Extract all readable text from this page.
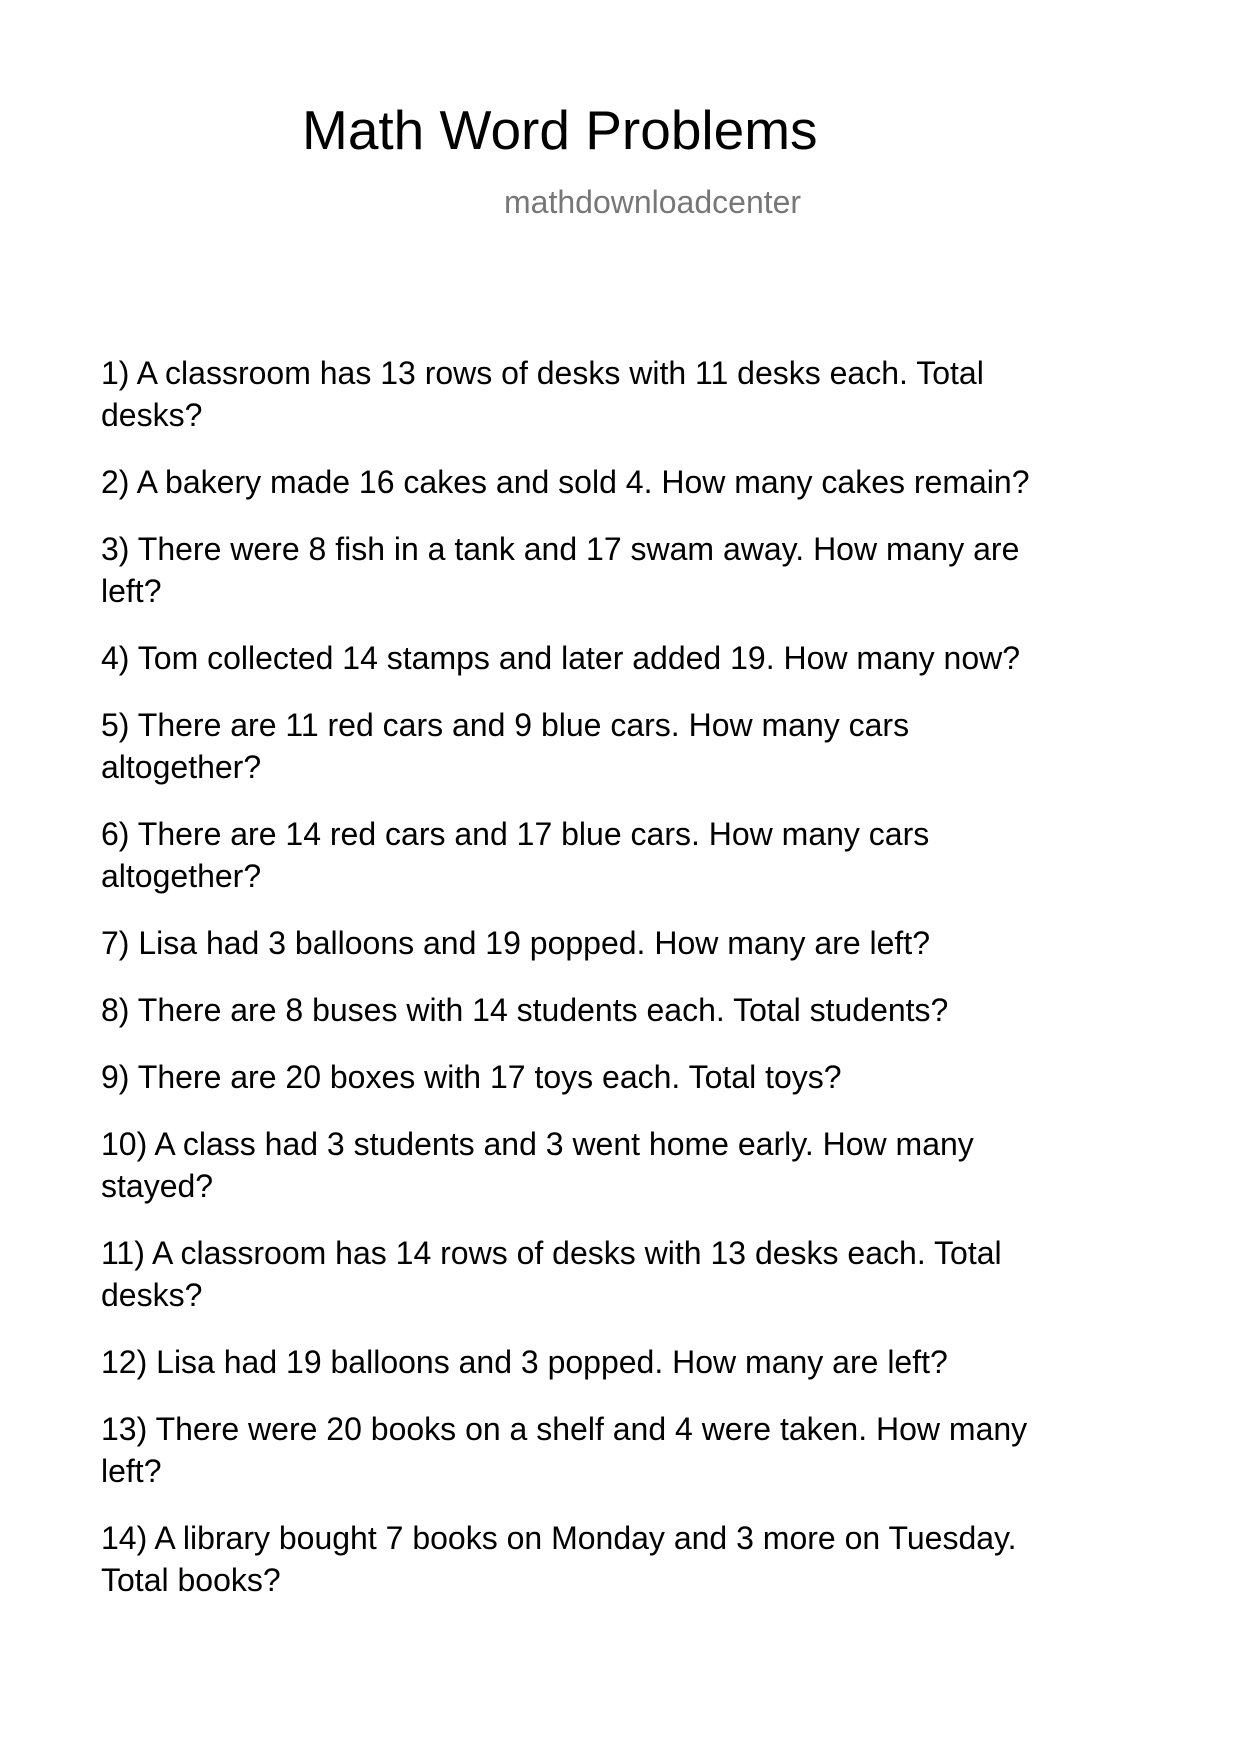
Math Word Problems
mathdownloadcenter
1) A classroom has 13 rows of desks with 11 desks each. Total
desks?
2) A bakery made 16 cakes and sold 4. How many cakes remain?
3) There were 8 fish in a tank and 17 swam away. How many are
left?
4) Tom collected 14 stamps and later added 19. How many now?
5) There are 11 red cars and 9 blue cars. How many cars
altogether?
6) There are 14 red cars and 17 blue cars. How many cars
altogether?
7) Lisa had 3 balloons and 19 popped. How many are left?
8) There are 8 buses with 14 students each. Total students?
9) There are 20 boxes with 17 toys each. Total toys?
10) A class had 3 students and 3 went home early. How many
stayed?
11) A classroom has 14 rows of desks with 13 desks each. Total
desks?
12) Lisa had 19 balloons and 3 popped. How many are left?
13) There were 20 books on a shelf and 4 were taken. How many
left?
14) A library bought 7 books on Monday and 3 more on Tuesday.
Total books?
